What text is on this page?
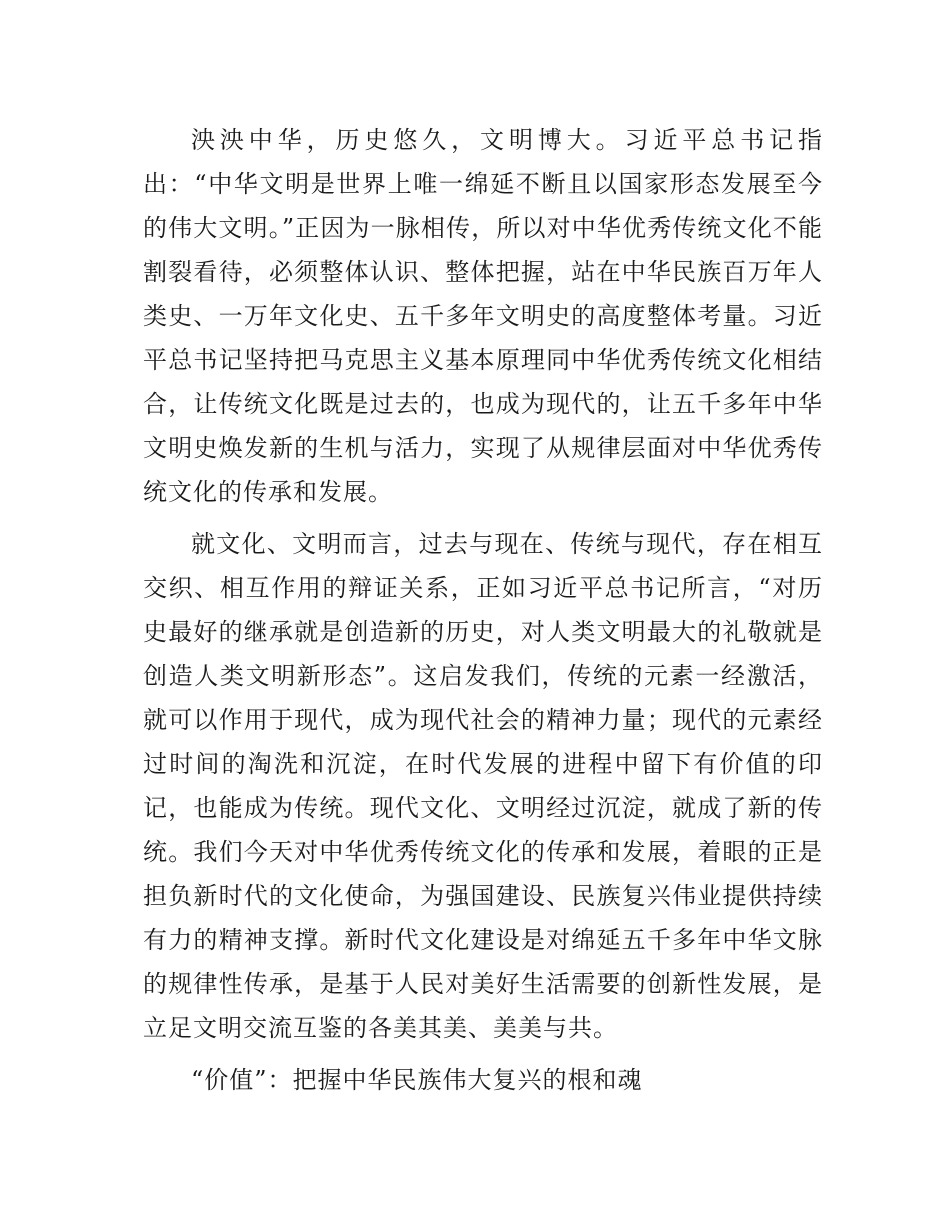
泱泱中华，历史悠久，文明博大。习近平总书记指出：“中华文明是世界上唯一绵延不断且以国家形态发展至今的伟大文明。”正因为一脉相传，所以对中华优秀传统文化不能割裂看待，必须整体认识、整体把握，站在中华民族百万年人类史、一万年文化史、五千多年文明史的高度整体考量。习近平总书记坚持把马克思主义基本原理同中华优秀传统文化相结合，让传统文化既是过去的，也成为现代的，让五千多年中华文明史焕发新的生机与活力，实现了从规律层面对中华优秀传统文化的传承和发展。

就文化、文明而言，过去与现在、传统与现代，存在相互交织、相互作用的辩证关系，正如习近平总书记所言，“对历史最好的继承就是创造新的历史，对人类文明最大的礼敬就是创造人类文明新形态”。这启发我们，传统的元素一经激活，就可以作用于现代，成为现代社会的精神力量；现代的元素经过时间的淘洗和沉淀，在时代发展的进程中留下有价值的印记，也能成为传统。现代文化、文明经过沉淀，就成了新的传统。我们今天对中华优秀传统文化的传承和发展，着眼的正是担负新时代的文化使命，为强国建设、民族复兴伟业提供持续有力的精神支撑。新时代文化建设是对绵延五千多年中华文脉的规律性传承，是基于人民对美好生活需要的创新性发展，是立足文明交流互鉴的各美其美、美美与共。

“价值”：把握中华民族伟大复兴的根和魂
